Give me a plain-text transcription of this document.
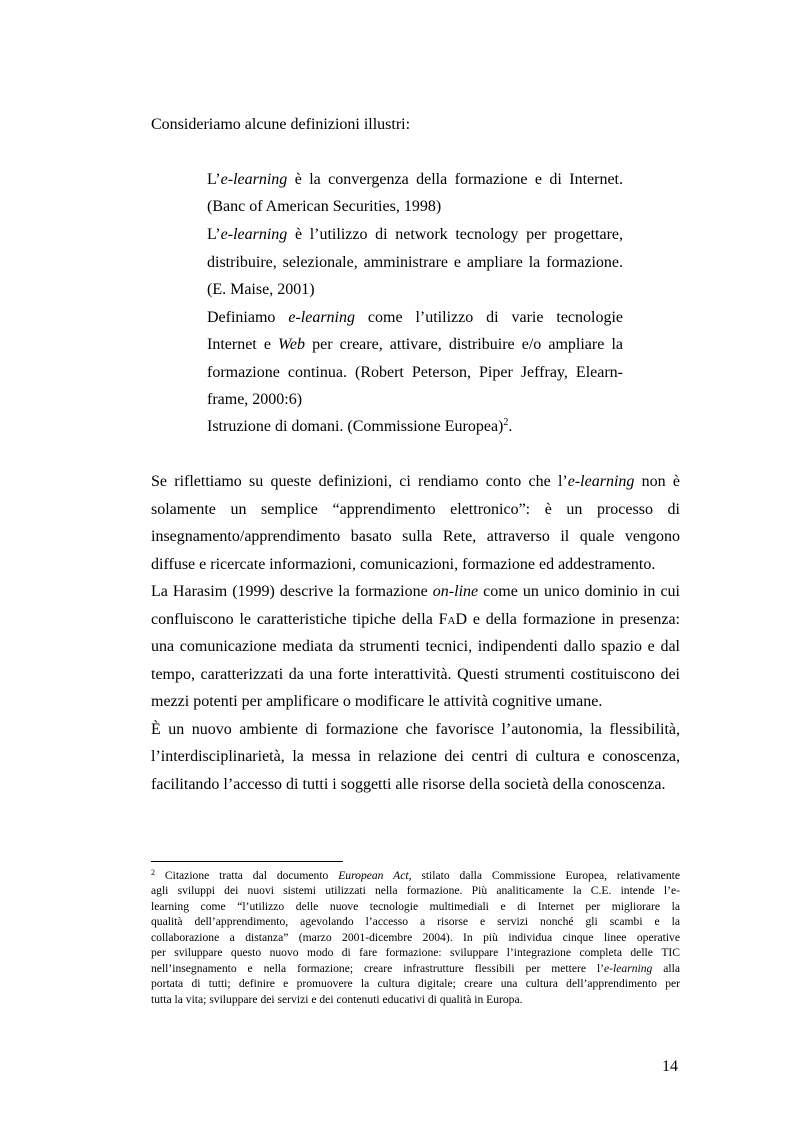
Consideriamo alcune definizioni illustri:
L’e-learning è la convergenza della formazione e di Internet.
(Banc of American Securities, 1998)
L’e-learning è l’utilizzo di network tecnology per progettare,
distribuire, selezionale, amministrare e ampliare la formazione.
(E. Maise, 2001)
Definiamo e-learning come l’utilizzo di varie tecnologie
Internet e Web per creare, attivare, distribuire e/o ampliare la
formazione continua. (Robert Peterson, Piper Jeffray, Elearn-
frame, 2000:6)
Istruzione di domani. (Commissione Europea)$^2$.
Se riflettiamo su queste definizioni, ci rendiamo conto che l’e-learning non è
solamente un semplice “apprendimento elettronico”: è un processo di
insegnamento/apprendimento basato sulla Rete, attraverso il quale vengono
diffuse e ricercate informazioni, comunicazioni, formazione ed addestramento.
La Harasim (1999) descrive la formazione on-line come un unico dominio in cui
confluiscono le caratteristiche tipiche della FaD e della formazione in presenza:
una comunicazione mediata da strumenti tecnici, indipendenti dallo spazio e dal
tempo, caratterizzati da una forte interattività. Questi strumenti costituiscono dei
mezzi potenti per amplificare o modificare le attività cognitive umane.
È un nuovo ambiente di formazione che favorisce l’autonomia, la flessibilità,
l’interdisciplinarietà, la messa in relazione dei centri di cultura e conoscenza,
facilitando l’accesso di tutti i soggetti alle risorse della società della conoscenza.
$^2$ Citazione tratta dal documento European Act, stilato dalla Commissione Europea, relativamente
agli sviluppi dei nuovi sistemi utilizzati nella formazione. Più analiticamente la C.E. intende l’e-
learning come “l’utilizzo delle nuove tecnologie multimediali e di Internet per migliorare la
qualità dell’apprendimento, agevolando l’accesso a risorse e servizi nonché gli scambi e la
collaborazione a distanza” (marzo 2001-dicembre 2004). In più individua cinque linee operative
per sviluppare questo nuovo modo di fare formazione: sviluppare l’integrazione completa delle TIC
nell’insegnamento e nella formazione; creare infrastrutture flessibili per mettere l’e-learning alla
portata di tutti; definire e promuovere la cultura digitale; creare una cultura dell’apprendimento per
tutta la vita; sviluppare dei servizi e dei contenuti educativi di qualità in Europa.
14
